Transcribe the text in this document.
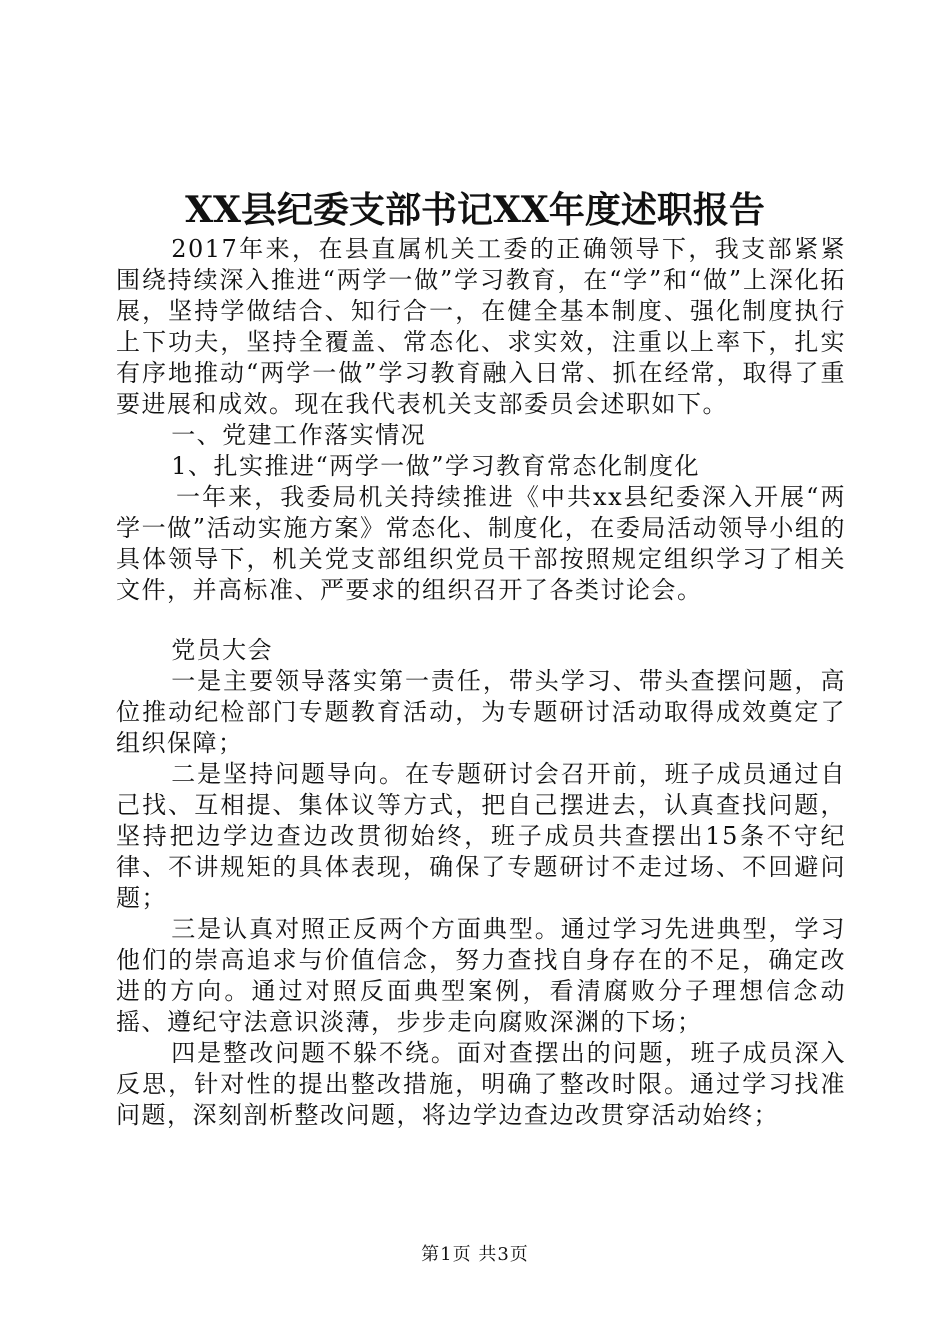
XX县纪委支部书记XX年度述职报告

2017年来，在县直属机关工委的正确领导下，我支部紧紧围绕持续深入推进“两学一做”学习教育，在“学”和“做”上深化拓展，坚持学做结合、知行合一，在健全基本制度、强化制度执行上下功夫，坚持全覆盖、常态化、求实效，注重以上率下，扎实有序地推动“两学一做”学习教育融入日常、抓在经常，取得了重要进展和成效。现在我代表机关支部委员会述职如下。

一、党建工作落实情况

1、扎实推进“两学一做”学习教育常态化制度化

一年来，我委局机关持续推进《中共xx县纪委深入开展“两学一做”活动实施方案》常态化、制度化，在委局活动领导小组的具体领导下，机关党支部组织党员干部按照规定组织学习了相关文件，并高标准、严要求的组织召开了各类讨论会。

党员大会

一是主要领导落实第一责任，带头学习、带头查摆问题，高位推动纪检部门专题教育活动，为专题研讨活动取得成效奠定了组织保障；

二是坚持问题导向。在专题研讨会召开前，班子成员通过自己找、互相提、集体议等方式，把自己摆进去，认真查找问题，坚持把边学边查边改贯彻始终，班子成员共查摆出15条不守纪律、不讲规矩的具体表现，确保了专题研讨不走过场、不回避问题；

三是认真对照正反两个方面典型。通过学习先进典型，学习他们的崇高追求与价值信念，努力查找自身存在的不足，确定改进的方向。通过对照反面典型案例，看清腐败分子理想信念动摇、遵纪守法意识淡薄，步步走向腐败深渊的下场；

四是整改问题不躲不绕。面对查摆出的问题，班子成员深入反思，针对性的提出整改措施，明确了整改时限。通过学习找准问题，深刻剖析整改问题，将边学边查边改贯穿活动始终；

第1页 共3页
